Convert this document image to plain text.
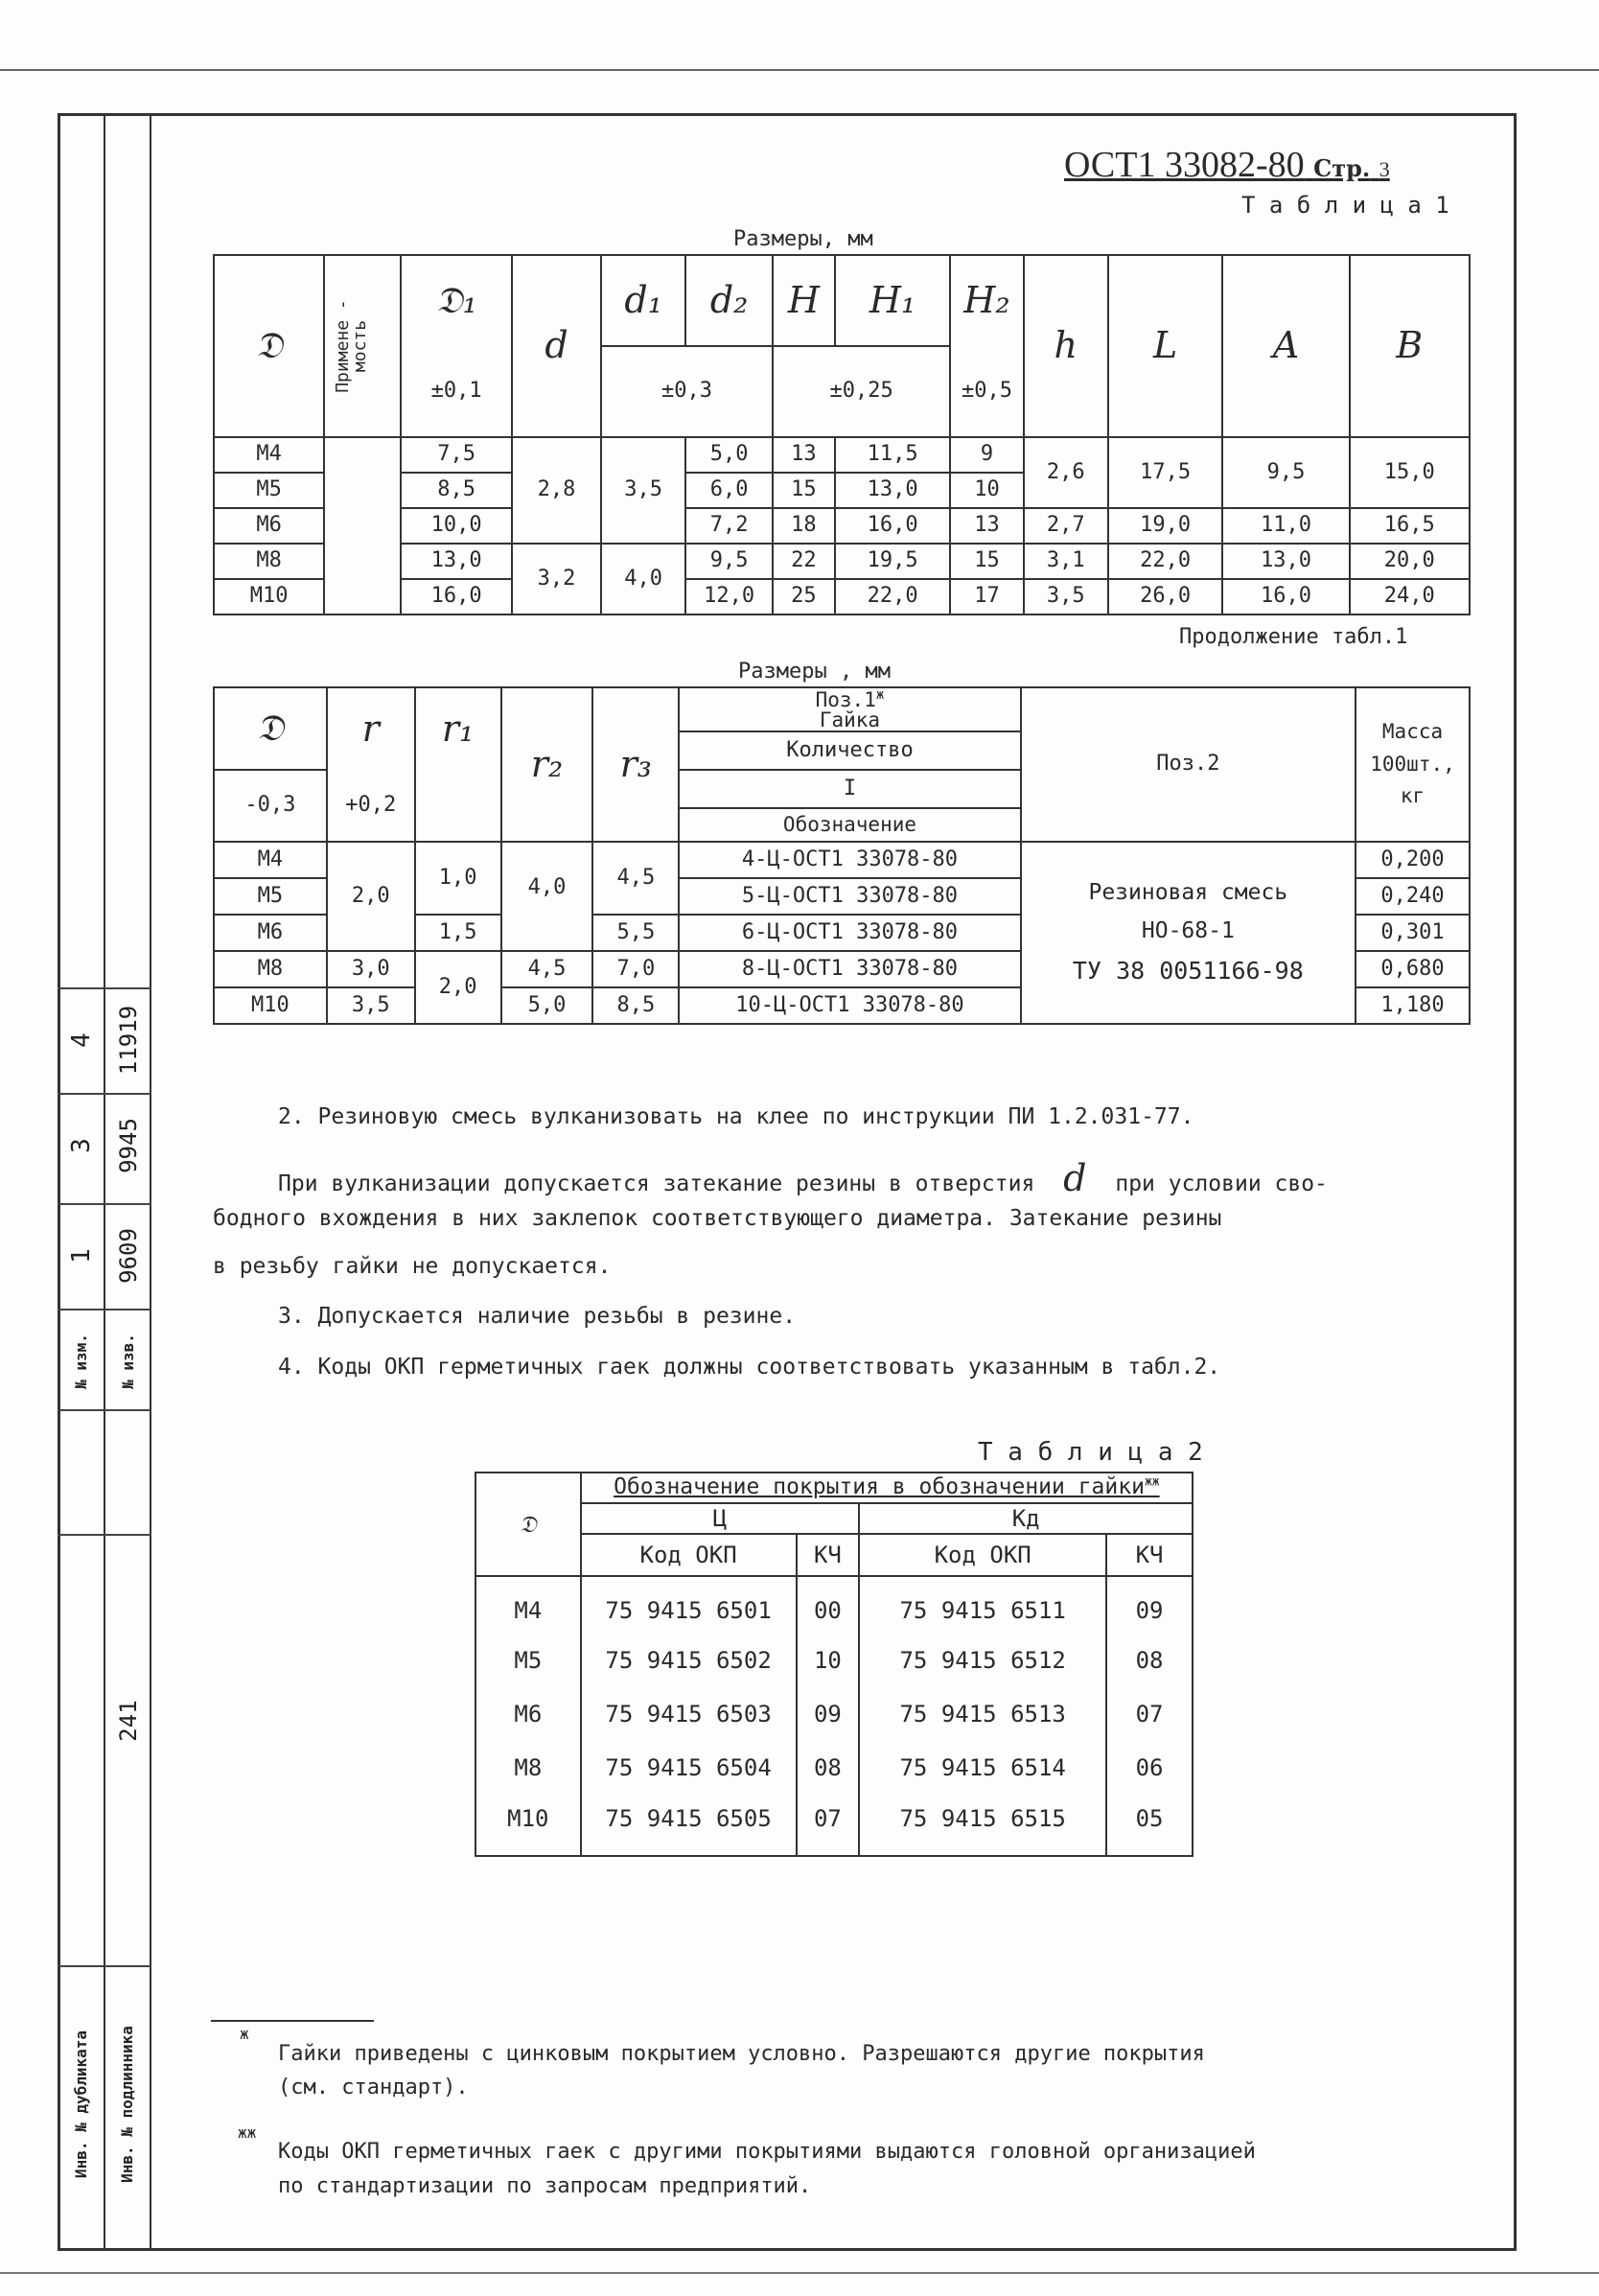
4
3
1
№ изм.
11919
9945
9609
№ изв.
241
Инв. № дубликата	Инв. № подлинника
ОСТ1 33082-80 Стр. 3
Т а б л и ц а 1
Размеры, мм
𝔇	Примене - мость	𝔇₁	d	d₁	d₂	H	H₁	H₂	h	L	A	B
		±0,1		±0,3		±0,25		±0,5				
М4		7,5	2,8	3,5	5,0	13	11,5	9	2,6	17,5	9,5	15,0
М5		8,5			6,0	15	13,0	10				
М6		10,0			7,2	18	16,0	13	2,7	19,0	11,0	16,5
М8		13,0	3,2	4,0	9,5	22	19,5	15	3,1	22,0	13,0	20,0
М10		16,0			12,0	25	22,0	17	3,5	26,0	16,0	24,0
Продолжение табл.1
Размеры , мм
𝔇	r	r₁	r₂	r₃	$Поз.1^ж$
Гайка	Поз.2	Масса 100шт., кг
					Количество		
-0,3	+0,2				I		
					Обозначение		
М4	2,0	1,0	4,0	4,5	4-Ц-ОСТ1 33078-80	Резиновая смесь
НО-68-1
ТУ 38 0051166-98	0,200
М5					5-Ц-ОСТ1 33078-80		0,240
М6		1,5		5,5	6-Ц-ОСТ1 33078-80		0,301
М8	3,0	2,0	4,5	7,0	8-Ц-ОСТ1 33078-80		0,680
М10	3,5		5,0	8,5	10-Ц-ОСТ1 33078-80		1,180
2. Резиновую смесь вулканизовать на клее по инструкции ПИ 1.2.031-77.
При вулканизации допускается затекание резины в отверстия d при условии сво-
бодного вхождения в них заклепок соответствующего диаметра. Затекание резины
в резьбу гайки не допускается.
3. Допускается наличие резьбы в резине.
4. Коды ОКП герметичных гаек должны соответствовать указанным в табл.2.
Т а б л и ц а 2
𝔇	Обозначение покрытия в обозначении гайки$^{жж}$
	Ц		Кд	
	Код ОКП	КЧ	Код ОКП	КЧ
М4	75 9415 6501	00	75 9415 6511	09
М5	75 9415 6502	10	75 9415 6512	08
М6	75 9415 6503	09	75 9415 6513	07
М8	75 9415 6504	08	75 9415 6514	06
М10	75 9415 6505	07	75 9415 6515	05
ж
Гайки приведены с цинковым покрытием условно. Разрешаются другие покрытия
(см. стандарт).
жж
Коды ОКП герметичных гаек с другими покрытиями выдаются головной организацией
по стандартизации по запросам предприятий.
